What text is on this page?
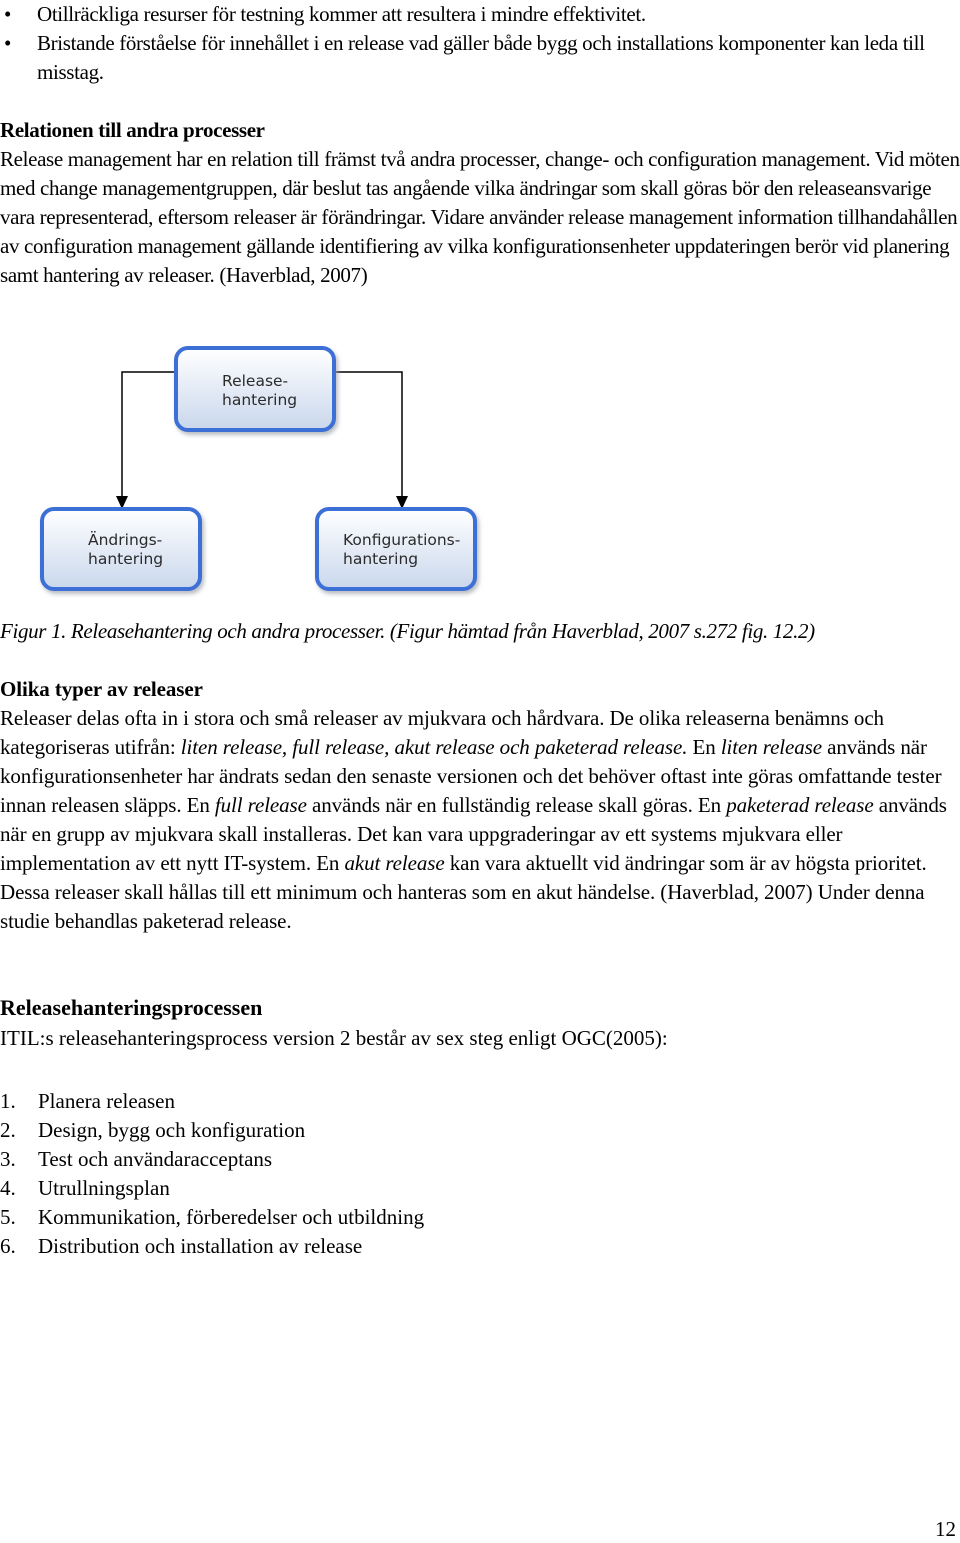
• Otillräckliga resurser för testning kommer att resultera i mindre effektivitet.
• Bristande förståelse för innehållet i en release vad gäller både bygg och installations komponenter kan leda till misstag.
Relationen till andra processer
Release management har en relation till främst två andra processer, change- och configuration management. Vid möten med change managementgruppen, där beslut tas angående vilka ändringar som skall göras bör den releaseansvarige vara representerad, eftersom releaser är förändringar. Vidare använder release management information tillhandahållen av configuration management gällande identifiering av vilka konfigurationsenheter uppdateringen berör vid planering samt hantering av releaser. (Haverblad, 2007)
Release-
hantering
Ändrings-
hantering
Konfigurations-
hantering
Figur 1. Releasehantering och andra processer. (Figur hämtad från Haverblad, 2007 s.272 fig. 12.2)
Olika typer av releaser
Releaser delas ofta in i stora och små releaser av mjukvara och hårdvara. De olika releaserna benämns och kategoriseras utifrån: liten release, full release, akut release och paketerad release. En liten release används när konfigurationsenheter har ändrats sedan den senaste versionen och det behöver oftast inte göras omfattande tester innan releasen släpps. En full release används när en fullständig release skall göras. En paketerad release används när en grupp av mjukvara skall installeras. Det kan vara uppgraderingar av ett systems mjukvara eller implementation av ett nytt IT-system. En akut release kan vara aktuellt vid ändringar som är av högsta prioritet. Dessa releaser skall hållas till ett minimum och hanteras som en akut händelse. (Haverblad, 2007) Under denna studie behandlas paketerad release.
Releasehanteringsprocessen
ITIL:s releasehanteringsprocess version 2 består av sex steg enligt OGC(2005):
1. Planera releasen
2. Design, bygg och konfiguration
3. Test och användaracceptans
4. Utrullningsplan
5. Kommunikation, förberedelser och utbildning
6. Distribution och installation av release
12
